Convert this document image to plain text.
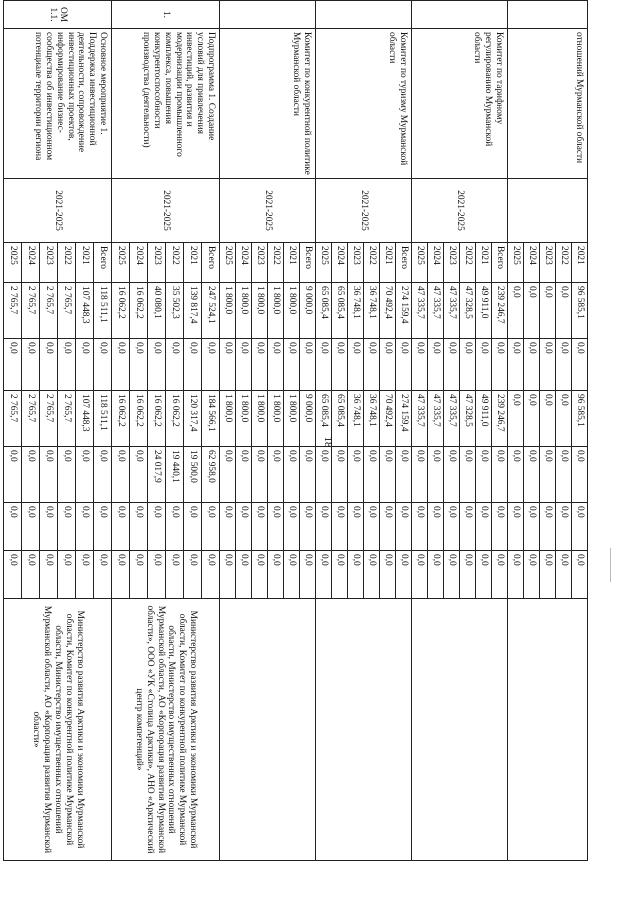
18
	отношений Мурманской области		2021	96 585,1	0,0	96 585,1	0,0	0,0	0,0	
			2022	0,0	0,0	0,0	0,0	0,0	0,0	
			2023	0,0	0,0	0,0	0,0	0,0	0,0	
			2024	0,0	0,0	0,0	0,0	0,0	0,0	
			2025	0,0	0,0	0,0	0,0	0,0	0,0	
	Комитет по тарифному регулированию Мурманской области	2021-2025	Всего	239 246,7	0,0	239 246,7	0,0	0,0	0,0	
			2021	49 911,0	0,0	49 911,0	0,0	0,0	0,0	
			2022	47 328,5	0,0	47 328,5	0,0	0,0	0,0	
			2023	47 335,7	0,0	47 335,7	0,0	0,0	0,0	
			2024	47 335,7	0,0	47 335,7	0,0	0,0	0,0	
			2025	47 335,7	0,0	47 335,7	0,0	0,0	0,0	
	Комитет по туризму Мурманской области	2021-2025	Всего	274 159,4	0,0	274 159,4	0,0	0,0	0,0	
			2021	70 492,4	0,0	70 492,4	0,0	0,0	0,0	
			2022	36 748,1	0,0	36 748,1	0,0	0,0	0,0	
			2023	36 748,1	0,0	36 748,1	0,0	0,0	0,0	
			2024	65 085,4	0,0	65 085,4	0,0	0,0	0,0	
			2025	65 085,4	0,0	65 085,4	0,0	0,0	0,0	
	Комитет по конкурентной политике Мурманской области	2021-2025	Всего	9 000,0	0,0	9 000,0	0,0	0,0	0,0	
			2021	1 800,0	0,0	1 800,0	0,0	0,0	0,0	
			2022	1 800,0	0,0	1 800,0	0,0	0,0	0,0	
			2023	1 800,0	0,0	1 800,0	0,0	0,0	0,0	
			2024	1 800,0	0,0	1 800,0	0,0	0,0	0,0	
			2025	1 800,0	0,0	1 800,0	0,0	0,0	0,0	
1.	Подпрограмма 1. Создание условий для привлечения инвестиций, развития и модернизации промышленного комплекса, повышения конкурентоспособности производства (деятельности)	2021-2025	Всего	247 524,1	0,0	184 566,1	62 958,0	0,0	0,0	Министерство развития Арктики и экономики Мурманской области, Комитет по конкурентной политике Мурманской области, Министерство имущественных отношений Мурманской области, АО «Корпорация развития Мурманской области», ООО «УК «Столица Арктики», АНО «Арктический центр компетенций»
			2021	139 817,4	0,0	120 317,4	19 500,0	0,0	0,0	
			2022	35 502,3	0,0	16 062,2	19 440,1	0,0	0,0	
			2023	40 080,1	0,0	16 062,2	24 017,9	0,0	0,0	
			2024	16 062,2	0,0	16 062,2	0,0	0,0	0,0	
			2025	16 062,2	0,0	16 062,2	0,0	0,0	0,0	
ОМ 1.1.	Основное мероприятие 1. Поддержка инвестиционной деятельности, сопровождение инвестиционных проектов, информирование бизнес-сообщества об инвестиционном потенциале территории региона	2021-2025	Всего	118 511,1	0,0	118 511,1	0,0	0,0	0,0	Министерство развития Арктики и экономики Мурманской области, Комитет по конкурентной политике Мурманской области, Министерство имущественных отношений Мурманской области, АО «Корпорация развития Мурманской области»
			2021	107 448,3	0,0	107 448,3	0,0	0,0	0,0	
			2022	2 765,7	0,0	2 765,7	0,0	0,0	0,0	
			2023	2 765,7	0,0	2 765,7	0,0	0,0	0,0	
			2024	2 765,7	0,0	2 765,7	0,0	0,0	0,0	
			2025	2 765,7	0,0	2 765,7	0,0	0,0	0,0	
